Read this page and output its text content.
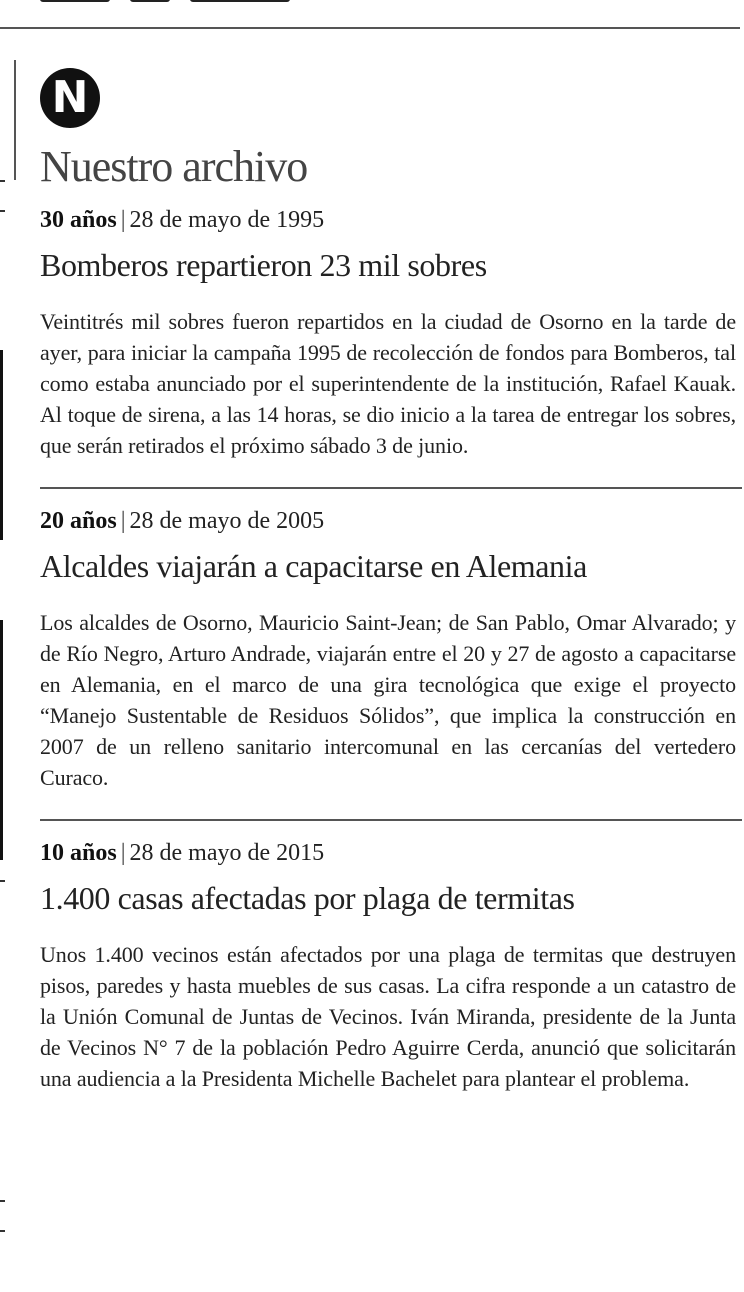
N
Nuestro archivo
30 años | 28 de mayo de 1995
Bomberos repartieron 23 mil sobres
Veintitrés mil sobres fueron repartidos en la ciudad de Osorno en la tarde de ayer, para iniciar la campaña 1995 de recolección de fondos para Bomberos, tal como estaba anunciado por el superintendente de la institución, Rafael Kauak. Al toque de sirena, a las 14 horas, se dio inicio a la tarea de entregar los sobres, que serán retirados el próximo sábado 3 de junio.
20 años | 28 de mayo de 2005
Alcaldes viajarán a capacitarse en Alemania
Los alcaldes de Osorno, Mauricio Saint-Jean; de San Pablo, Omar Alvarado; y de Río Negro, Arturo Andrade, viajarán entre el 20 y 27 de agosto a capacitarse en Alemania, en el marco de una gira tecnológica que exige el proyecto “Manejo Sustentable de Residuos Sólidos”, que implica la construcción en 2007 de un relleno sanitario intercomunal en las cercanías del vertedero Curaco.
10 años | 28 de mayo de 2015
1.400 casas afectadas por plaga de termitas
Unos 1.400 vecinos están afectados por una plaga de termitas que destruyen pisos, paredes y hasta muebles de sus casas. La cifra responde a un catastro de la Unión Comunal de Juntas de Vecinos. Iván Miranda, presidente de la Junta de Vecinos N° 7 de la población Pedro Aguirre Cerda, anunció que solicitarán una audiencia a la Presidenta Michelle Bachelet para plantear el problema.
